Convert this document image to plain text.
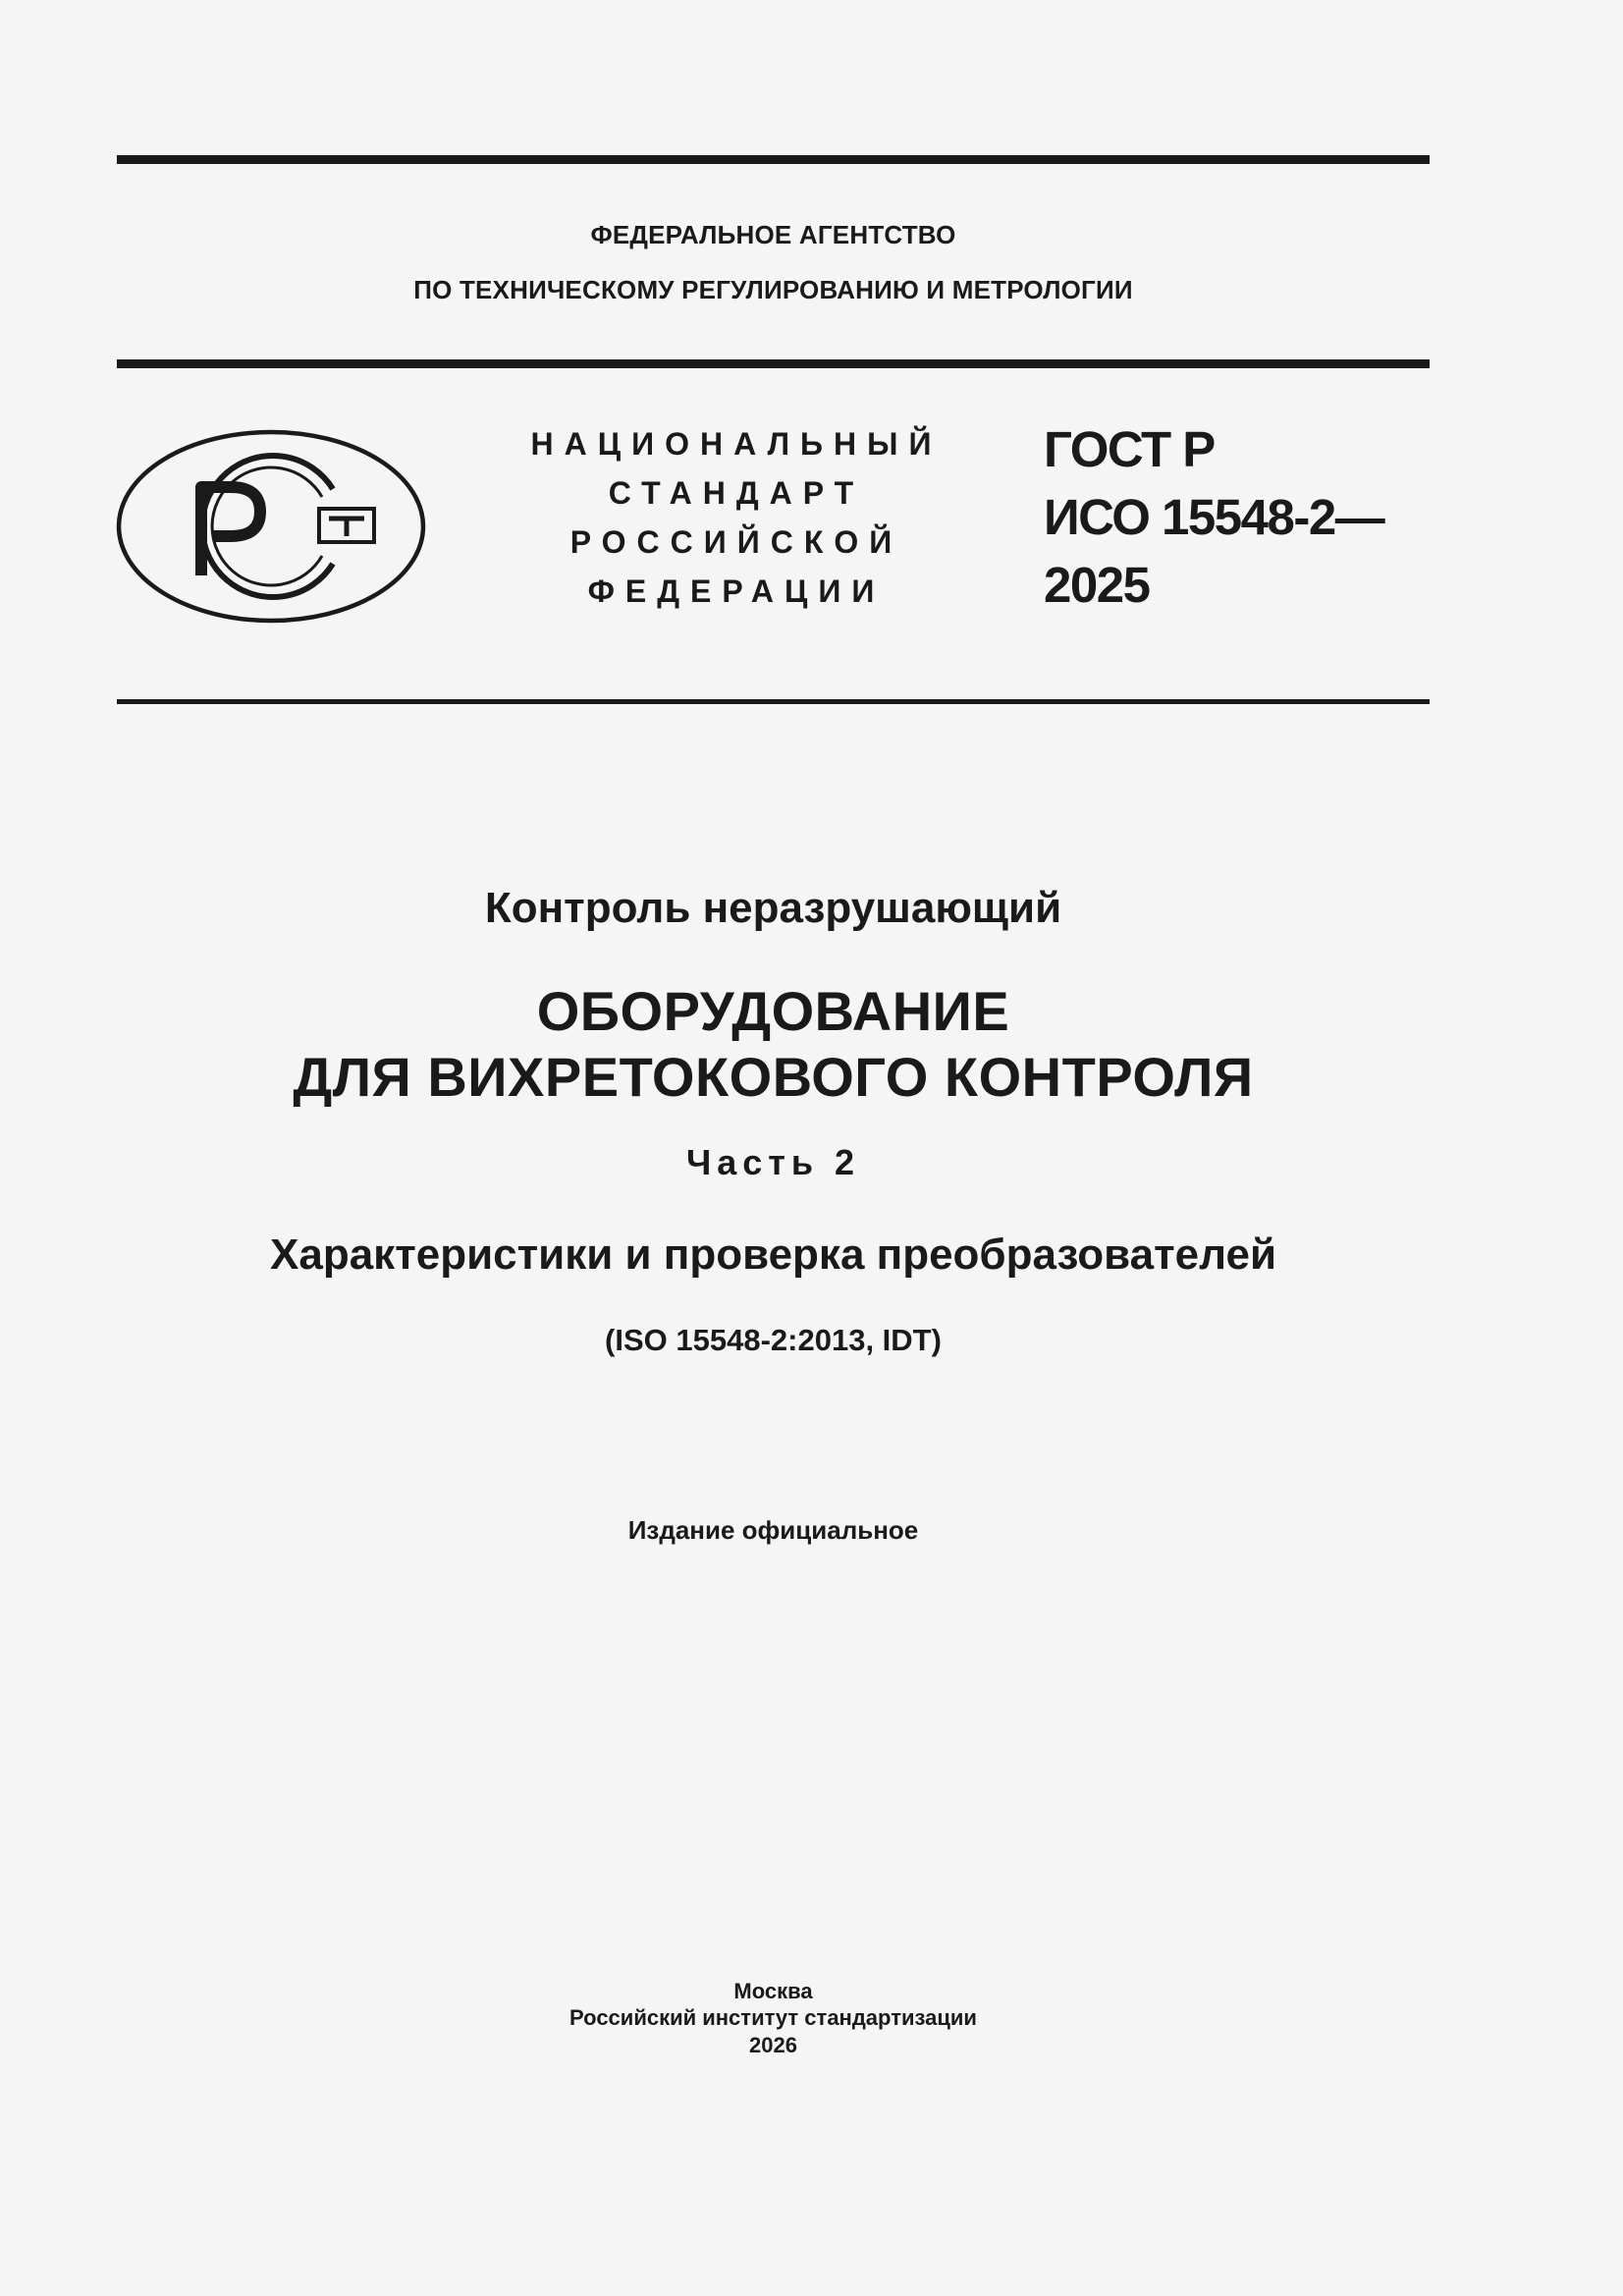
ФЕДЕРАЛЬНОЕ АГЕНТСТВО
ПО ТЕХНИЧЕСКОМУ РЕГУЛИРОВАНИЮ И МЕТРОЛОГИИ
НАЦИОНАЛЬНЫЙ
СТАНДАРТ
РОССИЙСКОЙ
ФЕДЕРАЦИИ
ГОСТ Р
ИСО 15548-2—
2025
Контроль неразрушающий
ОБОРУДОВАНИЕ
ДЛЯ ВИХРЕТОКОВОГО КОНТРОЛЯ
Часть 2
Характеристики и проверка преобразователей
(ISO 15548-2:2013, IDT)
Издание официальное
Москва
Российский институт стандартизации
2026
